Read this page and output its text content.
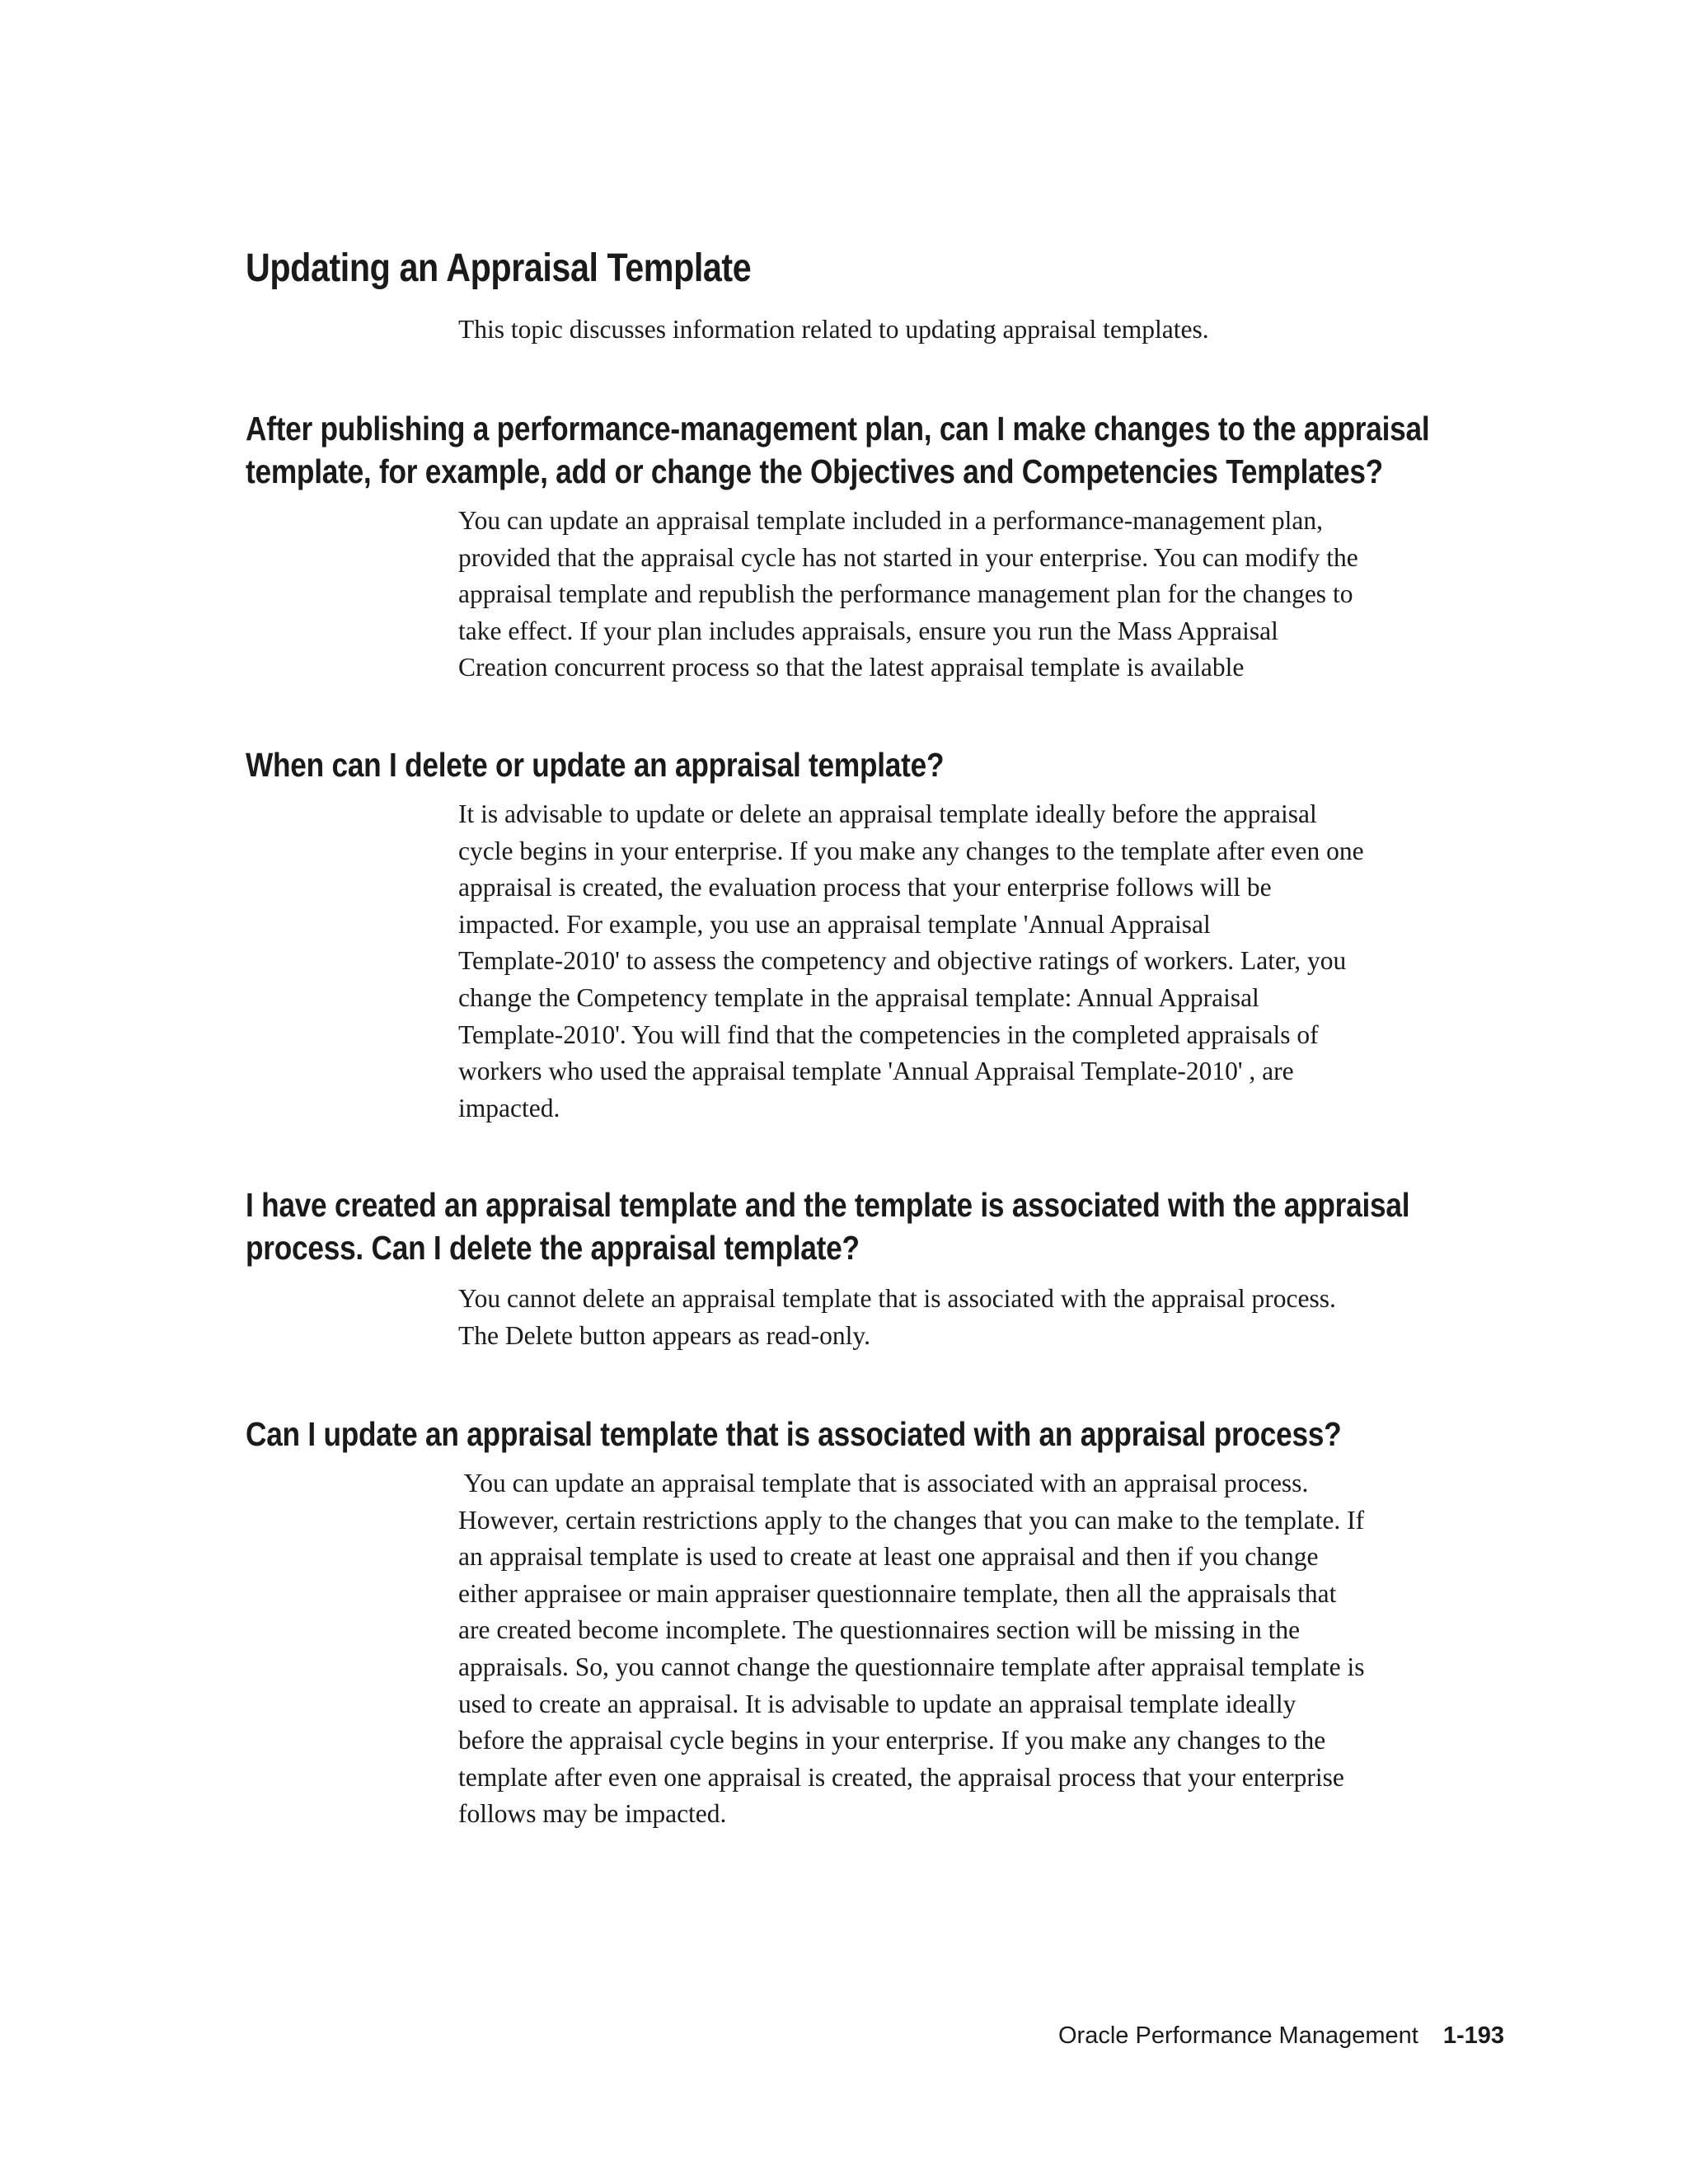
Updating an Appraisal Template

This topic discusses information related to updating appraisal templates.

After publishing a performance-management plan, can I make changes to the appraisal
template, for example, add or change the Objectives and Competencies Templates?

You can update an appraisal template included in a performance-management plan,
provided that the appraisal cycle has not started in your enterprise. You can modify the
appraisal template and republish the performance management plan for the changes to
take effect. If your plan includes appraisals, ensure you run the Mass Appraisal
Creation concurrent process so that the latest appraisal template is available

When can I delete or update an appraisal template?

It is advisable to update or delete an appraisal template ideally before the appraisal
cycle begins in your enterprise. If you make any changes to the template after even one
appraisal is created, the evaluation process that your enterprise follows will be
impacted. For example, you use an appraisal template 'Annual Appraisal
Template-2010' to assess the competency and objective ratings of workers. Later, you
change the Competency template in the appraisal template: Annual Appraisal
Template-2010'. You will find that the competencies in the completed appraisals of
workers who used the appraisal template 'Annual Appraisal Template-2010' , are
impacted.

I have created an appraisal template and the template is associated with the appraisal
process. Can I delete the appraisal template?

You cannot delete an appraisal template that is associated with the appraisal process.
The Delete button appears as read-only.

Can I update an appraisal template that is associated with an appraisal process?

You can update an appraisal template that is associated with an appraisal process.
However, certain restrictions apply to the changes that you can make to the template. If
an appraisal template is used to create at least one appraisal and then if you change
either appraisee or main appraiser questionnaire template, then all the appraisals that
are created become incomplete. The questionnaires section will be missing in the
appraisals. So, you cannot change the questionnaire template after appraisal template is
used to create an appraisal. It is advisable to update an appraisal template ideally
before the appraisal cycle begins in your enterprise. If you make any changes to the
template after even one appraisal is created, the appraisal process that your enterprise
follows may be impacted.

Oracle Performance Management 1-193
